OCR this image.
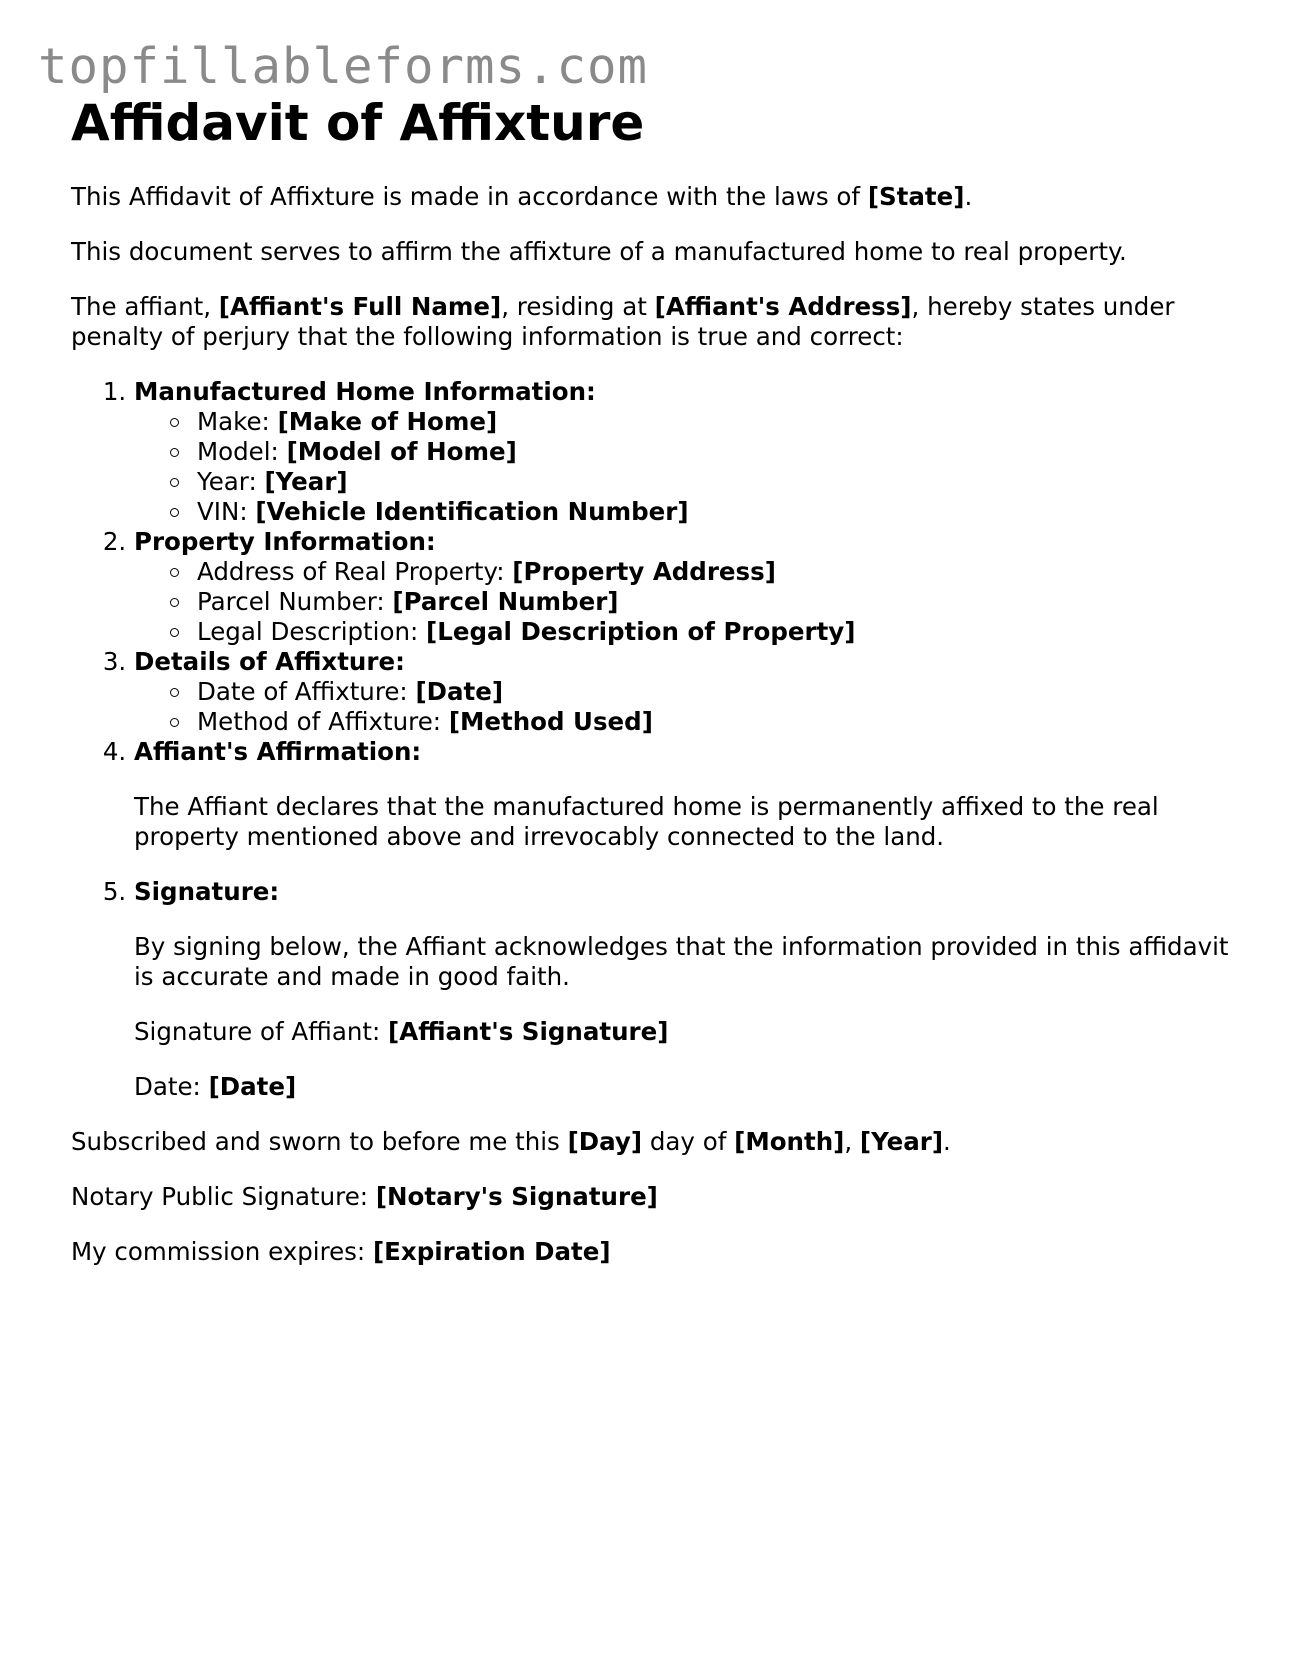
topfillableforms.com
Affidavit of Affixture

This Affidavit of Affixture is made in accordance with the laws of [State].

This document serves to affirm the affixture of a manufactured home to real property.

The affiant, [Affiant's Full Name], residing at [Affiant's Address], hereby states under penalty of perjury that the following information is true and correct:

1. Manufactured Home Information:
Make: [Make of Home]
Model: [Model of Home]
Year: [Year]
VIN: [Vehicle Identification Number]
2. Property Information:
Address of Real Property: [Property Address]
Parcel Number: [Parcel Number]
Legal Description: [Legal Description of Property]
3. Details of Affixture:
Date of Affixture: [Date]
Method of Affixture: [Method Used]
4. Affiant's Affirmation:

The Affiant declares that the manufactured home is permanently affixed to the real property mentioned above and irrevocably connected to the land.

5. Signature:

By signing below, the Affiant acknowledges that the information provided in this affidavit is accurate and made in good faith.

Signature of Affiant: [Affiant's Signature]

Date: [Date]

Subscribed and sworn to before me this [Day] day of [Month], [Year].

Notary Public Signature: [Notary's Signature]

My commission expires: [Expiration Date]
